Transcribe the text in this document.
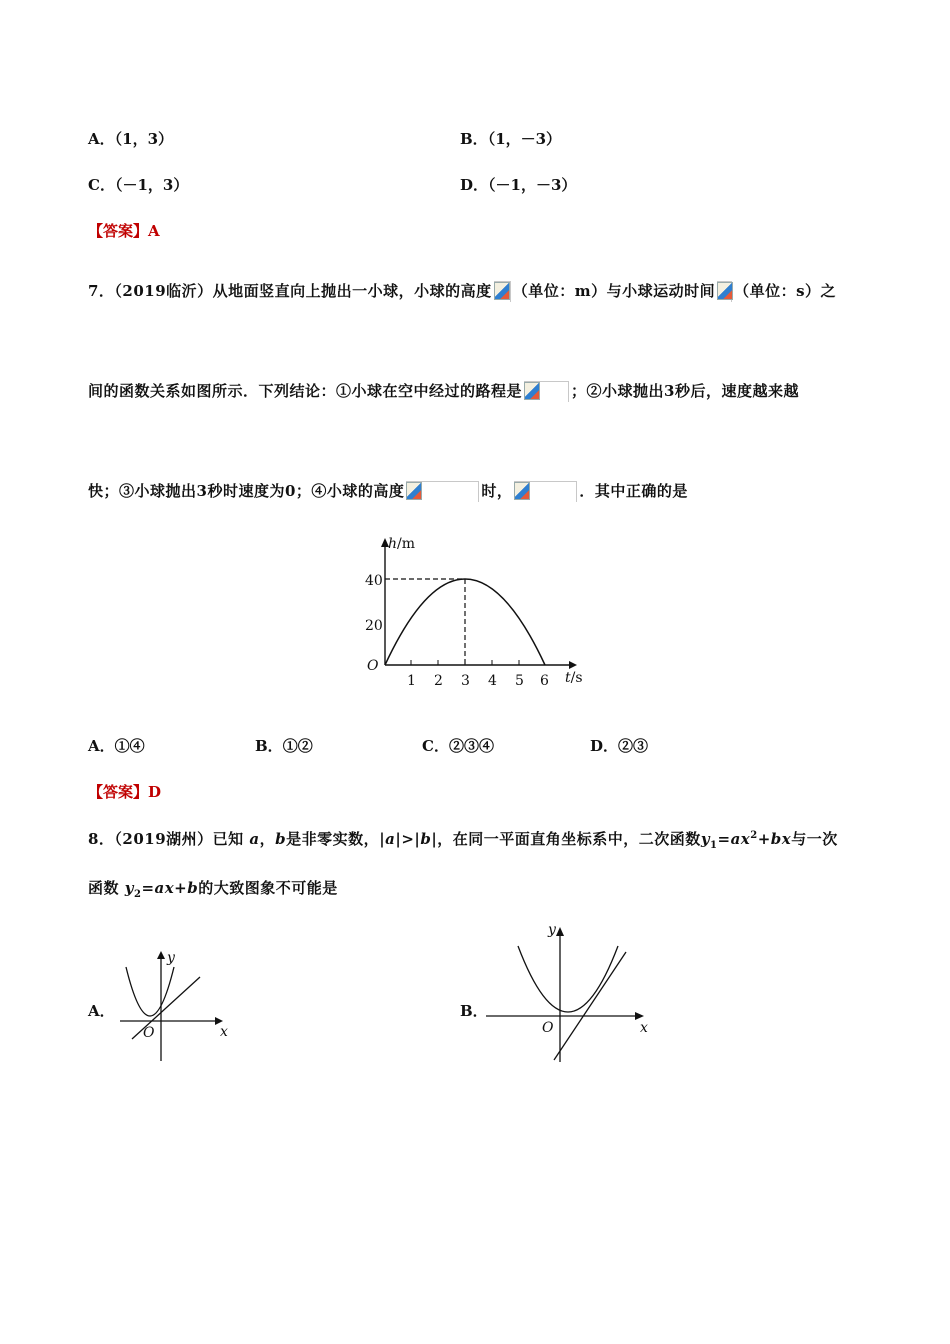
A．（1，3）	B．（1，－3）
C．（－1，3）	D．（－1，－3）
【答案】A
7．（2019临沂）从地面竖直向上抛出一小球，小球的高度 （单位：m）与小球运动时间 （单位：s）之
间的函数关系如图所示．下列结论：①小球在空中经过的路程是	；②小球抛出3秒后，速度越来越
快；③小球抛出3秒时速度为0；④小球的高度	时，	．其中正确的是
h/m
40
20
O
1 2 3 4 5 6 t/s
A．①④	B．①②	C．②③④	D．②③
【答案】D
8．（2019湖州）已知 a，b是非零实数，|a|>|b|，在同一平面直角坐标系中，二次函数$y_1=ax^2+bx$与一次
函数 $y_2=ax+b$的大致图象不可能是
A．
y
x
O
B．
y
x
O
